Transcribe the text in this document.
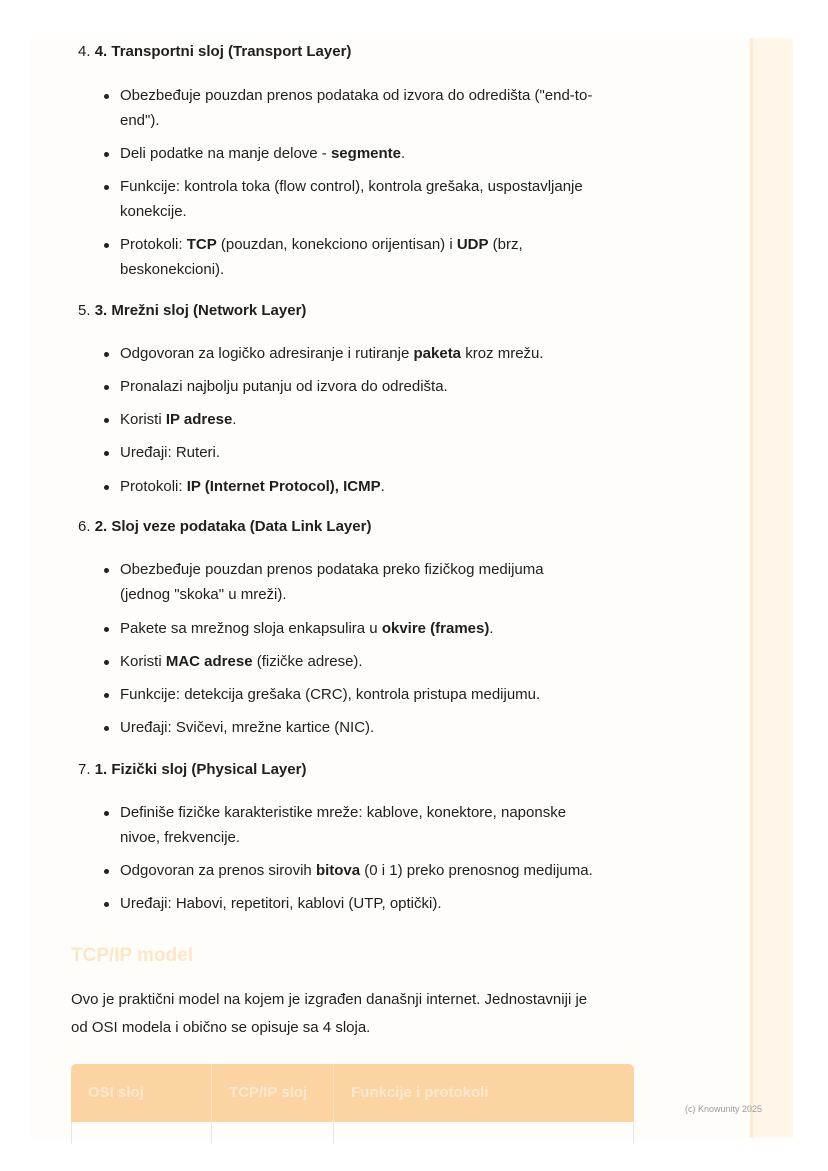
4. 4. Transportni sloj (Transport Layer)
Obezbeđuje pouzdan prenos podataka od izvora do odredišta ("end-to-
end").
Deli podatke na manje delove - segmente.
Funkcije: kontrola toka (flow control), kontrola grešaka, uspostavljanje
konekcije.
Protokoli: TCP (pouzdan, konekciono orijentisan) i UDP (brz,
beskonekcioni).
5. 3. Mrežni sloj (Network Layer)
Odgovoran za logičko adresiranje i rutiranje paketa kroz mrežu.
Pronalazi najbolju putanju od izvora do odredišta.
Koristi IP adrese.
Uređaji: Ruteri.
Protokoli: IP (Internet Protocol), ICMP.
6. 2. Sloj veze podataka (Data Link Layer)
Obezbeđuje pouzdan prenos podataka preko fizičkog medijuma
(jednog "skoka" u mreži).
Pakete sa mrežnog sloja enkapsulira u okvire (frames).
Koristi MAC adrese (fizičke adrese).
Funkcije: detekcija grešaka (CRC), kontrola pristupa medijumu.
Uređaji: Svičevi, mrežne kartice (NIC).
7. 1. Fizički sloj (Physical Layer)
Definiše fizičke karakteristike mreže: kablove, konektore, naponske
nivoe, frekvencije.
Odgovoran za prenos sirovih bitova (0 i 1) preko prenosnog medijuma.
Uređaji: Habovi, repetitori, kablovi (UTP, optički).
TCP/IP model
Ovo je praktični model na kojem je izgrađen današnji internet. Jednostavniji je
od OSI modela i obično se opisuje sa 4 sloja.
OSI sloj	TCP/IP sloj	Funkcije i protokoli
(c) Knowunity 2025
